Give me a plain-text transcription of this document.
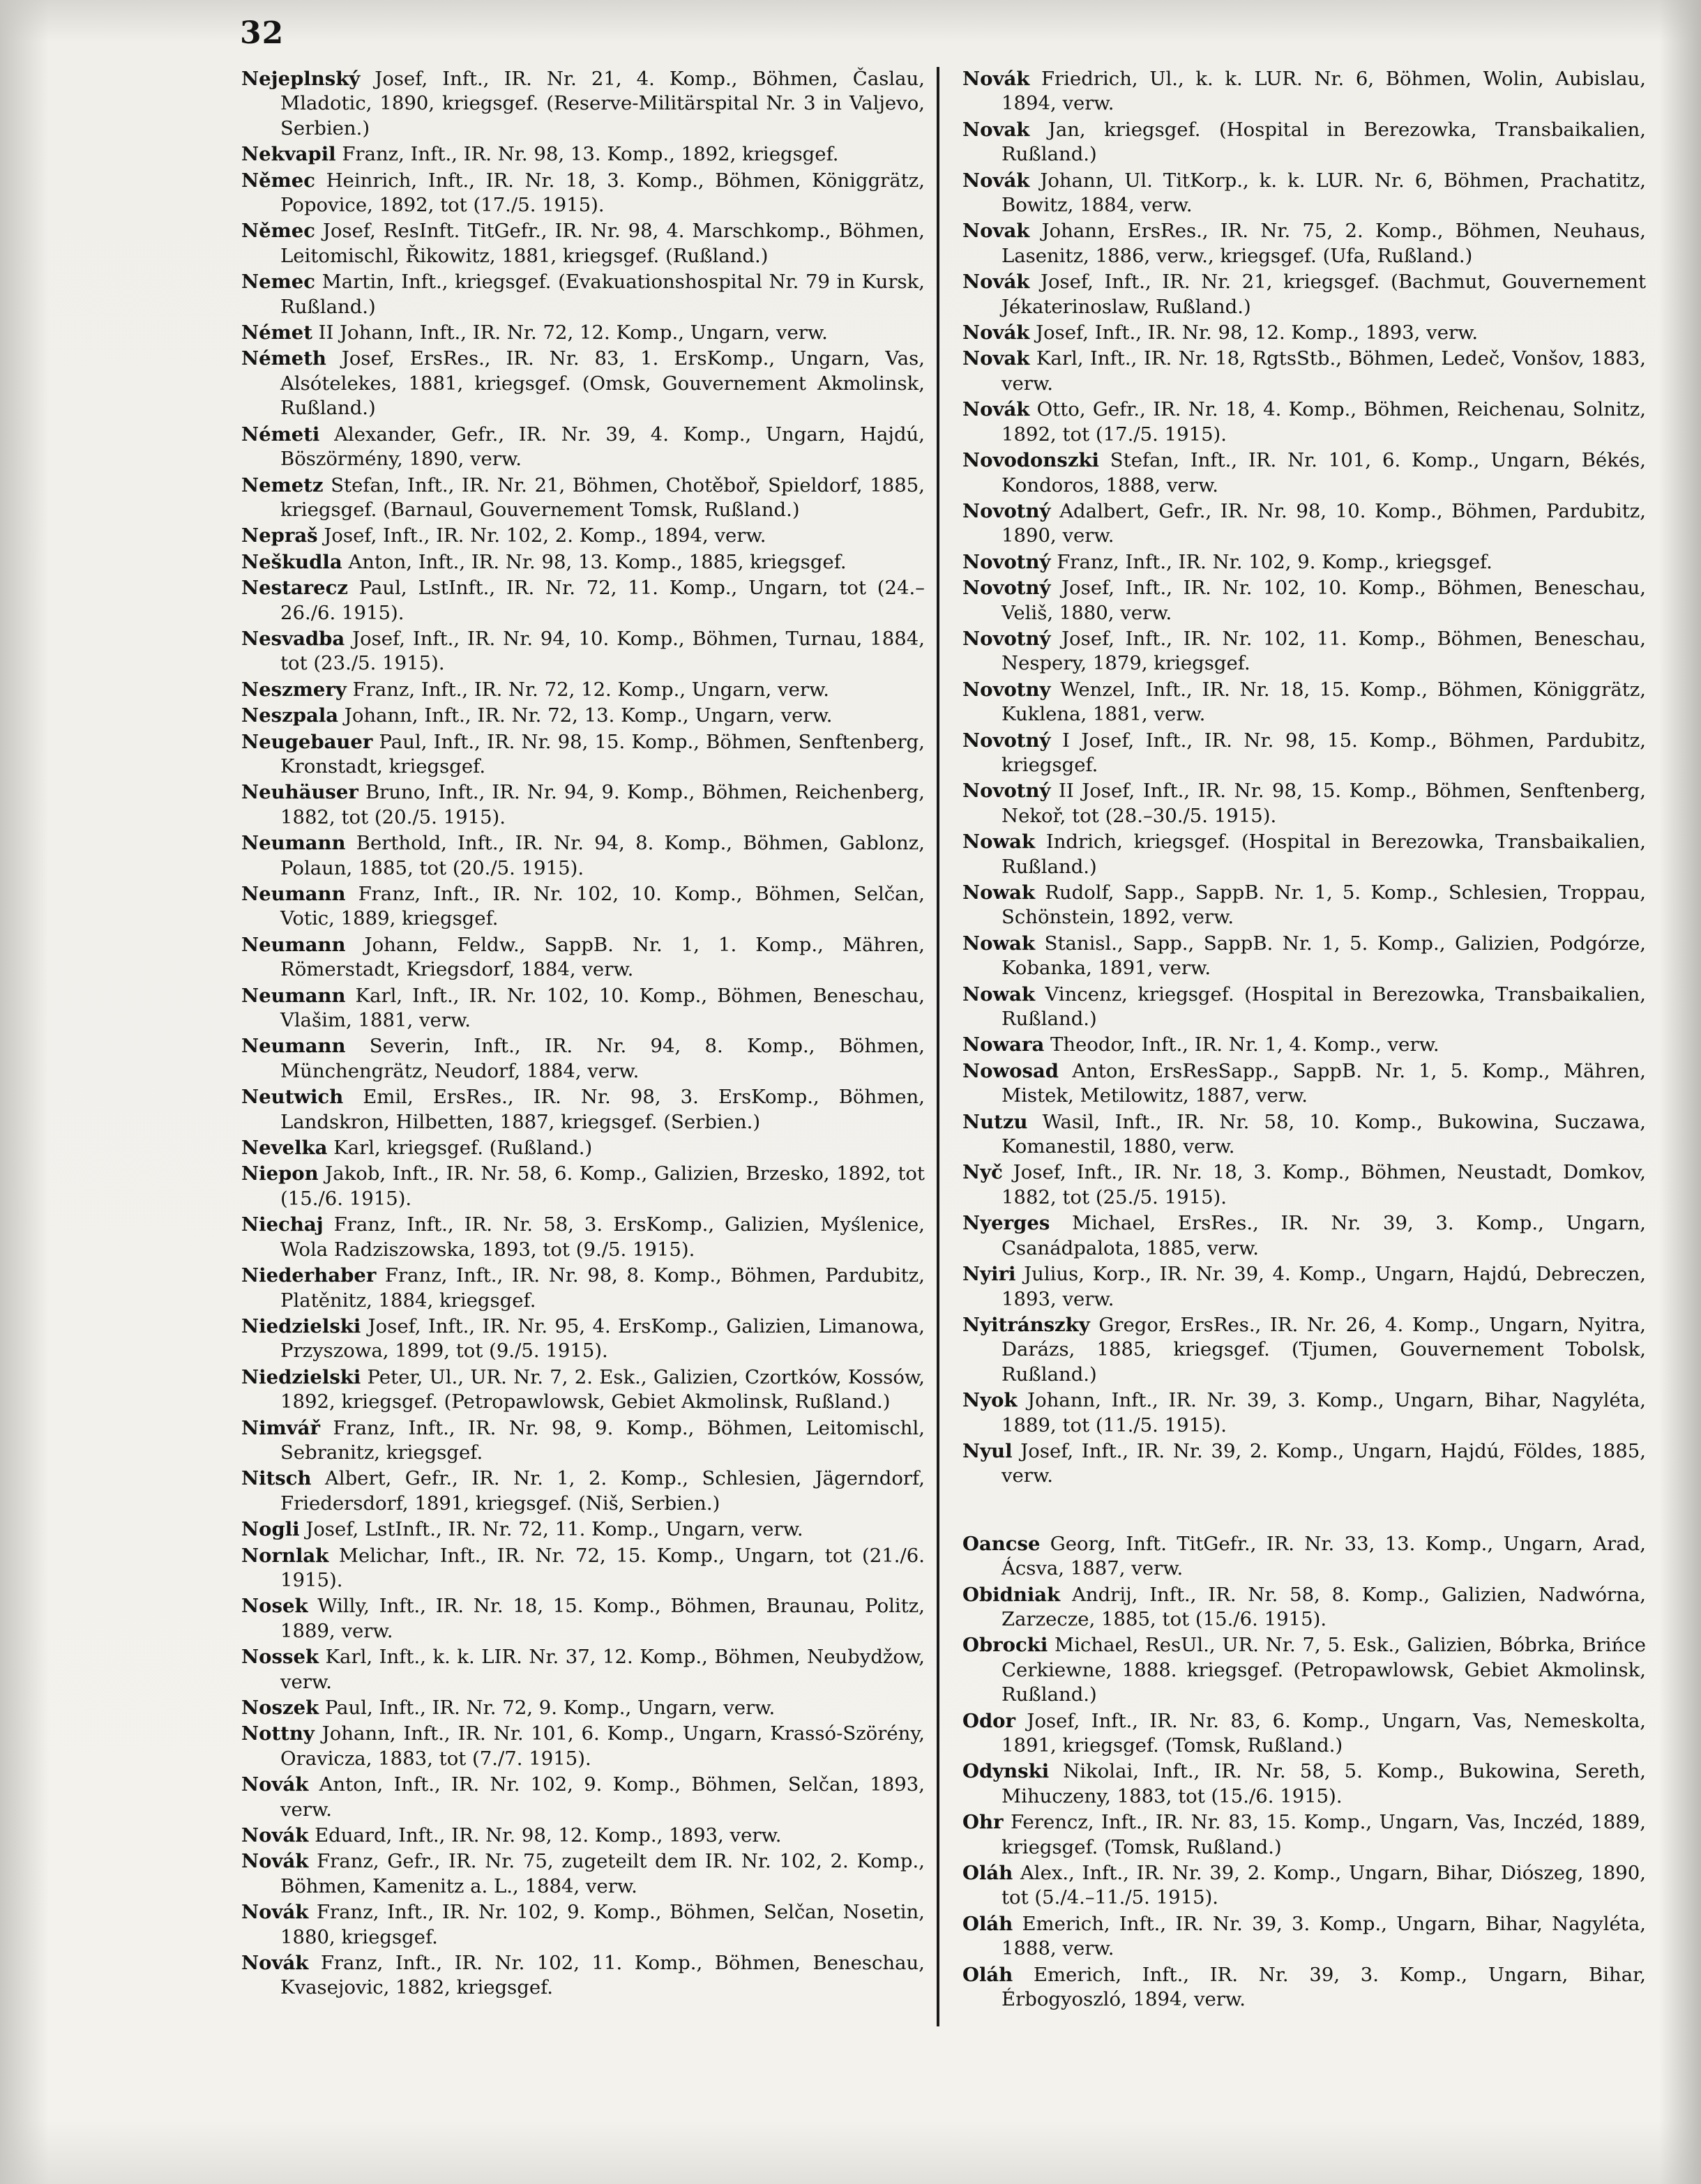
32

Nejeplnský Josef, Inft., IR. Nr. 21, 4. Komp., Böhmen, Časlau, Mladotic, 1890, kriegsgef. (Reserve-Militärspital Nr. 3 in Valjevo, Serbien.)

Nekvapil Franz, Inft., IR. Nr. 98, 13. Komp., 1892, kriegsgef.

Němec Heinrich, Inft., IR. Nr. 18, 3. Komp., Böhmen, Königgrätz, Popovice, 1892, tot (17./5. 1915).

Němec Josef, ResInft. TitGefr., IR. Nr. 98, 4. Marschkomp., Böhmen, Leitomischl, Řikowitz, 1881, kriegsgef. (Rußland.)

Nemec Martin, Inft., kriegsgef. (Evakuationshospital Nr. 79 in Kursk, Rußland.)

Német II Johann, Inft., IR. Nr. 72, 12. Komp., Ungarn, verw.

Németh Josef, ErsRes., IR. Nr. 83, 1. ErsKomp., Ungarn, Vas, Alsótelekes, 1881, kriegsgef. (Omsk, Gouvernement Akmolinsk, Rußland.)

Németi Alexander, Gefr., IR. Nr. 39, 4. Komp., Ungarn, Hajdú, Böszörmény, 1890, verw.

Nemetz Stefan, Inft., IR. Nr. 21, Böhmen, Chotěboř, Spieldorf, 1885, kriegsgef. (Barnaul, Gouvernement Tomsk, Rußland.)

Nepraš Josef, Inft., IR. Nr. 102, 2. Komp., 1894, verw.

Neškudla Anton, Inft., IR. Nr. 98, 13. Komp., 1885, kriegsgef.

Nestarecz Paul, LstInft., IR. Nr. 72, 11. Komp., Ungarn, tot (24.–26./6. 1915).

Nesvadba Josef, Inft., IR. Nr. 94, 10. Komp., Böhmen, Turnau, 1884, tot (23./5. 1915).

Neszmery Franz, Inft., IR. Nr. 72, 12. Komp., Ungarn, verw.

Neszpala Johann, Inft., IR. Nr. 72, 13. Komp., Ungarn, verw.

Neugebauer Paul, Inft., IR. Nr. 98, 15. Komp., Böhmen, Senftenberg, Kronstadt, kriegsgef.

Neuhäuser Bruno, Inft., IR. Nr. 94, 9. Komp., Böhmen, Reichenberg, 1882, tot (20./5. 1915).

Neumann Berthold, Inft., IR. Nr. 94, 8. Komp., Böhmen, Gablonz, Polaun, 1885, tot (20./5. 1915).

Neumann Franz, Inft., IR. Nr. 102, 10. Komp., Böhmen, Selčan, Votic, 1889, kriegsgef.

Neumann Johann, Feldw., SappB. Nr. 1, 1. Komp., Mähren, Römerstadt, Kriegsdorf, 1884, verw.

Neumann Karl, Inft., IR. Nr. 102, 10. Komp., Böhmen, Beneschau, Vlašim, 1881, verw.

Neumann Severin, Inft., IR. Nr. 94, 8. Komp., Böhmen, Münchengrätz, Neudorf, 1884, verw.

Neutwich Emil, ErsRes., IR. Nr. 98, 3. ErsKomp., Böhmen, Landskron, Hilbetten, 1887, kriegsgef. (Serbien.)

Nevelka Karl, kriegsgef. (Rußland.)

Niepon Jakob, Inft., IR. Nr. 58, 6. Komp., Galizien, Brzesko, 1892, tot (15./6. 1915).

Niechaj Franz, Inft., IR. Nr. 58, 3. ErsKomp., Galizien, Myślenice, Wola Radziszowska, 1893, tot (9./5. 1915).

Niederhaber Franz, Inft., IR. Nr. 98, 8. Komp., Böhmen, Pardubitz, Platěnitz, 1884, kriegsgef.

Niedzielski Josef, Inft., IR. Nr. 95, 4. ErsKomp., Galizien, Limanowa, Przyszowa, 1899, tot (9./5. 1915).

Niedzielski Peter, Ul., UR. Nr. 7, 2. Esk., Galizien, Czortków, Kossów, 1892, kriegsgef. (Petropawlowsk, Gebiet Akmolinsk, Rußland.)

Nimvář Franz, Inft., IR. Nr. 98, 9. Komp., Böhmen, Leitomischl, Sebranitz, kriegsgef.

Nitsch Albert, Gefr., IR. Nr. 1, 2. Komp., Schlesien, Jägerndorf, Friedersdorf, 1891, kriegsgef. (Niš, Serbien.)

Nogli Josef, LstInft., IR. Nr. 72, 11. Komp., Ungarn, verw.

Nornlak Melichar, Inft., IR. Nr. 72, 15. Komp., Ungarn, tot (21./6. 1915).

Nosek Willy, Inft., IR. Nr. 18, 15. Komp., Böhmen, Braunau, Politz, 1889, verw.

Nossek Karl, Inft., k. k. LIR. Nr. 37, 12. Komp., Böhmen, Neubydžow, verw.

Noszek Paul, Inft., IR. Nr. 72, 9. Komp., Ungarn, verw.

Nottny Johann, Inft., IR. Nr. 101, 6. Komp., Ungarn, Krassó-Szörény, Oravicza, 1883, tot (7./7. 1915).

Novák Anton, Inft., IR. Nr. 102, 9. Komp., Böhmen, Selčan, 1893, verw.

Novák Eduard, Inft., IR. Nr. 98, 12. Komp., 1893, verw.

Novák Franz, Gefr., IR. Nr. 75, zugeteilt dem IR. Nr. 102, 2. Komp., Böhmen, Kamenitz a. L., 1884, verw.

Novák Franz, Inft., IR. Nr. 102, 9. Komp., Böhmen, Selčan, Nosetin, 1880, kriegsgef.

Novák Franz, Inft., IR. Nr. 102, 11. Komp., Böhmen, Beneschau, Kvasejovic, 1882, kriegsgef.

Novák Friedrich, Ul., k. k. LUR. Nr. 6, Böhmen, Wolin, Aubislau, 1894, verw.

Novak Jan, kriegsgef. (Hospital in Berezowka, Transbaikalien, Rußland.)

Novák Johann, Ul. TitKorp., k. k. LUR. Nr. 6, Böhmen, Prachatitz, Bowitz, 1884, verw.

Novak Johann, ErsRes., IR. Nr. 75, 2. Komp., Böhmen, Neuhaus, Lasenitz, 1886, verw., kriegsgef. (Ufa, Rußland.)

Novák Josef, Inft., IR. Nr. 21, kriegsgef. (Bachmut, Gouvernement Jékaterinoslaw, Rußland.)

Novák Josef, Inft., IR. Nr. 98, 12. Komp., 1893, verw.

Novak Karl, Inft., IR. Nr. 18, RgtsStb., Böhmen, Ledeč, Vonšov, 1883, verw.

Novák Otto, Gefr., IR. Nr. 18, 4. Komp., Böhmen, Reichenau, Solnitz, 1892, tot (17./5. 1915).

Novodonszki Stefan, Inft., IR. Nr. 101, 6. Komp., Ungarn, Békés, Kondoros, 1888, verw.

Novotný Adalbert, Gefr., IR. Nr. 98, 10. Komp., Böhmen, Pardubitz, 1890, verw.

Novotný Franz, Inft., IR. Nr. 102, 9. Komp., kriegsgef.

Novotný Josef, Inft., IR. Nr. 102, 10. Komp., Böhmen, Beneschau, Veliš, 1880, verw.

Novotný Josef, Inft., IR. Nr. 102, 11. Komp., Böhmen, Beneschau, Nespery, 1879, kriegsgef.

Novotny Wenzel, Inft., IR. Nr. 18, 15. Komp., Böhmen, Königgrätz, Kuklena, 1881, verw.

Novotný I Josef, Inft., IR. Nr. 98, 15. Komp., Böhmen, Pardubitz, kriegsgef.

Novotný II Josef, Inft., IR. Nr. 98, 15. Komp., Böhmen, Senftenberg, Nekoř, tot (28.–30./5. 1915).

Nowak Indrich, kriegsgef. (Hospital in Berezowka, Transbaikalien, Rußland.)

Nowak Rudolf, Sapp., SappB. Nr. 1, 5. Komp., Schlesien, Troppau, Schönstein, 1892, verw.

Nowak Stanisl., Sapp., SappB. Nr. 1, 5. Komp., Galizien, Podgórze, Kobanka, 1891, verw.

Nowak Vincenz, kriegsgef. (Hospital in Berezowka, Transbaikalien, Rußland.)

Nowara Theodor, Inft., IR. Nr. 1, 4. Komp., verw.

Nowosad Anton, ErsResSapp., SappB. Nr. 1, 5. Komp., Mähren, Mistek, Metilowitz, 1887, verw.

Nutzu Wasil, Inft., IR. Nr. 58, 10. Komp., Bukowina, Suczawa, Komanestil, 1880, verw.

Nyč Josef, Inft., IR. Nr. 18, 3. Komp., Böhmen, Neustadt, Domkov, 1882, tot (25./5. 1915).

Nyerges Michael, ErsRes., IR. Nr. 39, 3. Komp., Ungarn, Csanádpalota, 1885, verw.

Nyiri Julius, Korp., IR. Nr. 39, 4. Komp., Ungarn, Hajdú, Debreczen, 1893, verw.

Nyitránszky Gregor, ErsRes., IR. Nr. 26, 4. Komp., Ungarn, Nyitra, Darázs, 1885, kriegsgef. (Tjumen, Gouvernement Tobolsk, Rußland.)

Nyok Johann, Inft., IR. Nr. 39, 3. Komp., Ungarn, Bihar, Nagyléta, 1889, tot (11./5. 1915).

Nyul Josef, Inft., IR. Nr. 39, 2. Komp., Ungarn, Hajdú, Földes, 1885, verw.

Oancse Georg, Inft. TitGefr., IR. Nr. 33, 13. Komp., Ungarn, Arad, Ácsva, 1887, verw.

Obidniak Andrij, Inft., IR. Nr. 58, 8. Komp., Galizien, Nadwórna, Zarzecze, 1885, tot (15./6. 1915).

Obrocki Michael, ResUl., UR. Nr. 7, 5. Esk., Galizien, Bóbrka, Brińce Cerkiewne, 1888. kriegsgef. (Petropawlowsk, Gebiet Akmolinsk, Rußland.)

Odor Josef, Inft., IR. Nr. 83, 6. Komp., Ungarn, Vas, Nemeskolta, 1891, kriegsgef. (Tomsk, Rußland.)

Odynski Nikolai, Inft., IR. Nr. 58, 5. Komp., Bukowina, Sereth, Mihuczeny, 1883, tot (15./6. 1915).

Ohr Ferencz, Inft., IR. Nr. 83, 15. Komp., Ungarn, Vas, Inczéd, 1889, kriegsgef. (Tomsk, Rußland.)

Oláh Alex., Inft., IR. Nr. 39, 2. Komp., Ungarn, Bihar, Diószeg, 1890, tot (5./4.–11./5. 1915).

Oláh Emerich, Inft., IR. Nr. 39, 3. Komp., Ungarn, Bihar, Nagyléta, 1888, verw.

Oláh Emerich, Inft., IR. Nr. 39, 3. Komp., Ungarn, Bihar, Érbogyoszló, 1894, verw.
